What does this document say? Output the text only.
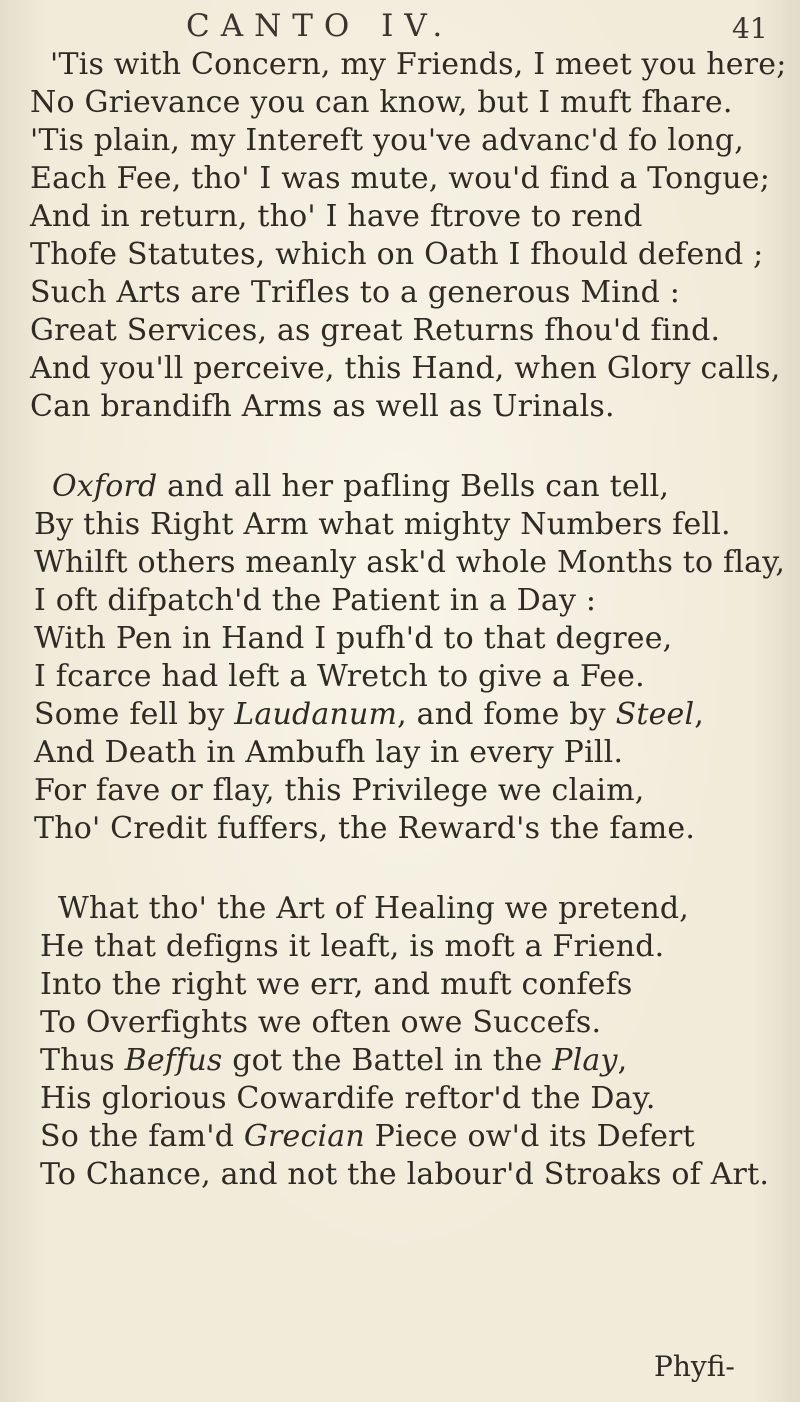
CANTO IV.	41
'Tis with Concern, my Friends, I meet you here;
No Grievance you can know, but I muft fhare.
'Tis plain, my Intereft you've advanc'd fo long,
Each Fee, tho' I was mute, wou'd find a Tongue;
And in return, tho' I have ftrove to rend
Thofe Statutes, which on Oath I fhould defend ;
Such Arts are Trifles to a generous Mind :
Great Services, as great Returns fhou'd find.
And you'll perceive, this Hand, when Glory calls,
Can brandifh Arms as well as Urinals.
Oxford and all her pafling Bells can tell,
By this Right Arm what mighty Numbers fell.
Whilft others meanly ask'd whole Months to flay,
I oft difpatch'd the Patient in a Day :
With Pen in Hand I pufh'd to that degree,
I fcarce had left a Wretch to give a Fee.
Some fell by Laudanum, and fome by Steel,
And Death in Ambufh lay in every Pill.
For fave or flay, this Privilege we claim,
Tho' Credit fuffers, the Reward's the fame.
What tho' the Art of Healing we pretend,
He that defigns it leaft, is moft a Friend.
Into the right we err, and muft confefs
To Overfights we often owe Succefs.
Thus Beffus got the Battel in the Play,
His glorious Cowardife reftor'd the Day.
So the fam'd Grecian Piece ow'd its Defert
To Chance, and not the labour'd Stroaks of Art.
Phyfi-
